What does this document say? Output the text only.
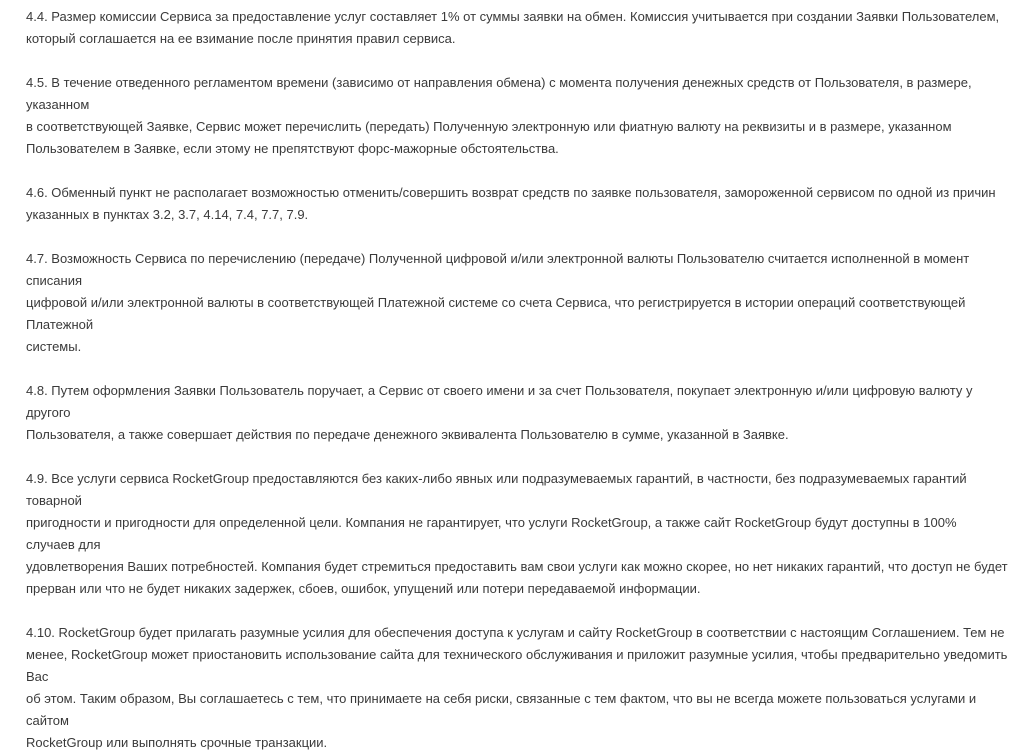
4.4. Размер комиссии Сервиса за предоставление услуг составляет 1% от суммы заявки на обмен. Комиссия учитывается при создании Заявки Пользователем,
который соглашается на ее взимание после принятия правил сервиса.

4.5. В течение отведенного регламентом времени (зависимо от направления обмена) с момента получения денежных средств от Пользователя, в размере, указанном
в соответствующей Заявке, Сервис может перечислить (передать) Полученную электронную или фиатную валюту на реквизиты и в размере, указанном
Пользователем в Заявке, если этому не препятствуют форс-мажорные обстоятельства.

4.6. Обменный пункт не располагает возможностью отменить/совершить возврат средств по заявке пользователя, замороженной сервисом по одной из причин
указанных в пунктах 3.2, 3.7, 4.14, 7.4, 7.7, 7.9.

4.7. Возможность Сервиса по перечислению (передаче) Полученной цифровой и/или электронной валюты Пользователю считается исполненной в момент списания
цифровой и/или электронной валюты в соответствующей Платежной системе со счета Сервиса, что регистрируется в истории операций соответствующей Платежной
системы.

4.8. Путем оформления Заявки Пользователь поручает, а Сервис от своего имени и за счет Пользователя, покупает электронную и/или цифровую валюту у другого
Пользователя, а также совершает действия по передаче денежного эквивалента Пользователю в сумме, указанной в Заявке.

4.9. Все услуги сервиса RocketGroup предоставляются без каких-либо явных или подразумеваемых гарантий, в частности, без подразумеваемых гарантий товарной
пригодности и пригодности для определенной цели. Компания не гарантирует, что услуги RocketGroup, а также сайт RocketGroup будут доступны в 100% случаев для
удовлетворения Ваших потребностей. Компания будет стремиться предоставить вам свои услуги как можно скорее, но нет никаких гарантий, что доступ не будет
прерван или что не будет никаких задержек, сбоев, ошибок, упущений или потери передаваемой информации.

4.10. RocketGroup будет прилагать разумные усилия для обеспечения доступа к услугам и сайту RocketGroup в соответствии с настоящим Соглашением. Тем не
менее, RocketGroup может приостановить использование сайта для технического обслуживания и приложит разумные усилия, чтобы предварительно уведомить Вас
об этом. Таким образом, Вы соглашаетесь с тем, что принимаете на себя риски, связанные с тем фактом, что вы не всегда можете пользоваться услугами и сайтом
RocketGroup или выполнять срочные транзакции.
